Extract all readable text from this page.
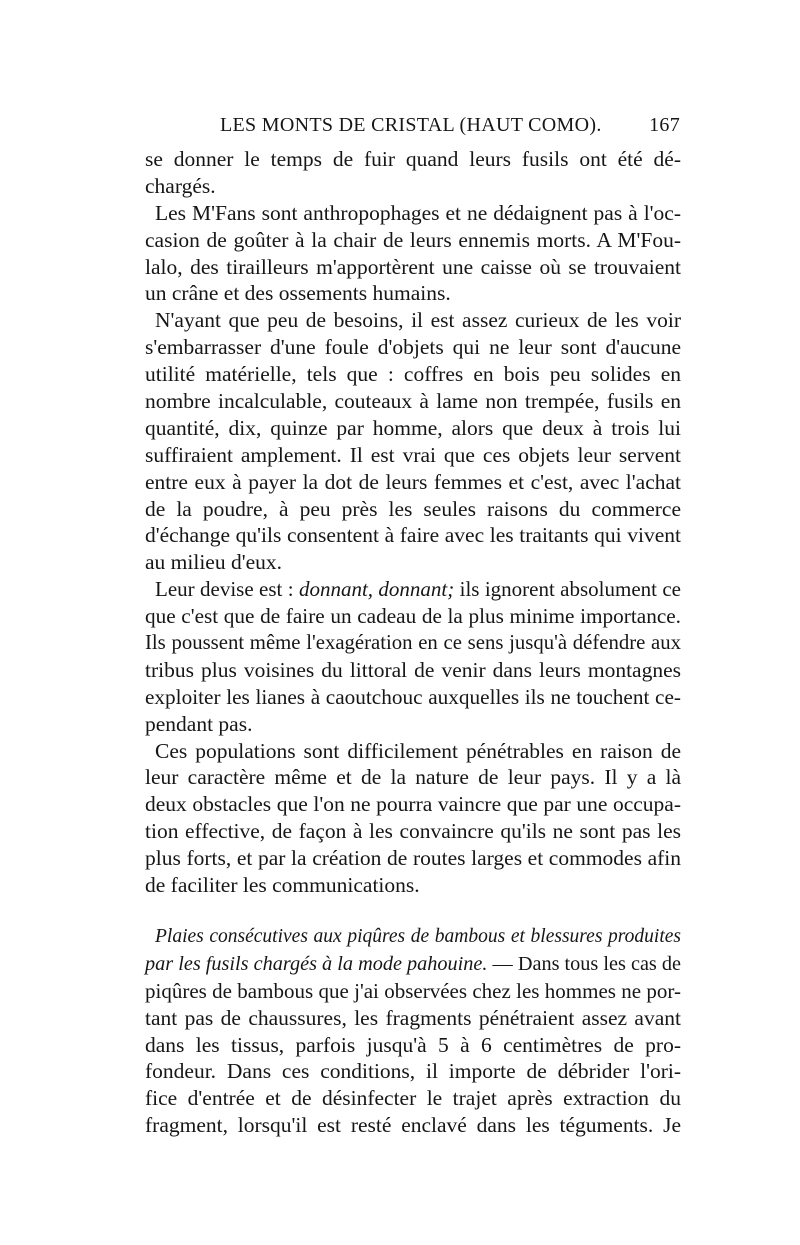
LES MONTS DE CRISTAL (HAUT COMO). 167
se donner le temps de fuir quand leurs fusils ont été dé-
chargés.
Les M'Fans sont anthropophages et ne dédaignent pas à l'oc-
casion de goûter à la chair de leurs ennemis morts. A M'Fou-
lalo, des tirailleurs m'apportèrent une caisse où se trouvaient
un crâne et des ossements humains.
N'ayant que peu de besoins, il est assez curieux de les voir
s'embarrasser d'une foule d'objets qui ne leur sont d'aucune
utilité matérielle, tels que : coffres en bois peu solides en
nombre incalculable, couteaux à lame non trempée, fusils en
quantité, dix, quinze par homme, alors que deux à trois lui
suffiraient amplement. Il est vrai que ces objets leur servent
entre eux à payer la dot de leurs femmes et c'est, avec l'achat
de la poudre, à peu près les seules raisons du commerce
d'échange qu'ils consentent à faire avec les traitants qui vivent
au milieu d'eux.
Leur devise est : donnant, donnant; ils ignorent absolument ce
que c'est que de faire un cadeau de la plus minime importance.
Ils poussent même l'exagération en ce sens jusqu'à défendre aux
tribus plus voisines du littoral de venir dans leurs montagnes
exploiter les lianes à caoutchouc auxquelles ils ne touchent ce-
pendant pas.
Ces populations sont difficilement pénétrables en raison de
leur caractère même et de la nature de leur pays. Il y a là
deux obstacles que l'on ne pourra vaincre que par une occupa-
tion effective, de façon à les convaincre qu'ils ne sont pas les
plus forts, et par la création de routes larges et commodes afin
de faciliter les communications.
Plaies consécutives aux piqûres de bambous et blessures produites
par les fusils chargés à la mode pahouine. — Dans tous les cas de
piqûres de bambous que j'ai observées chez les hommes ne por-
tant pas de chaussures, les fragments pénétraient assez avant
dans les tissus, parfois jusqu'à 5 à 6 centimètres de pro-
fondeur. Dans ces conditions, il importe de débrider l'ori-
fice d'entrée et de désinfecter le trajet après extraction du
fragment, lorsqu'il est resté enclavé dans les téguments. Je
